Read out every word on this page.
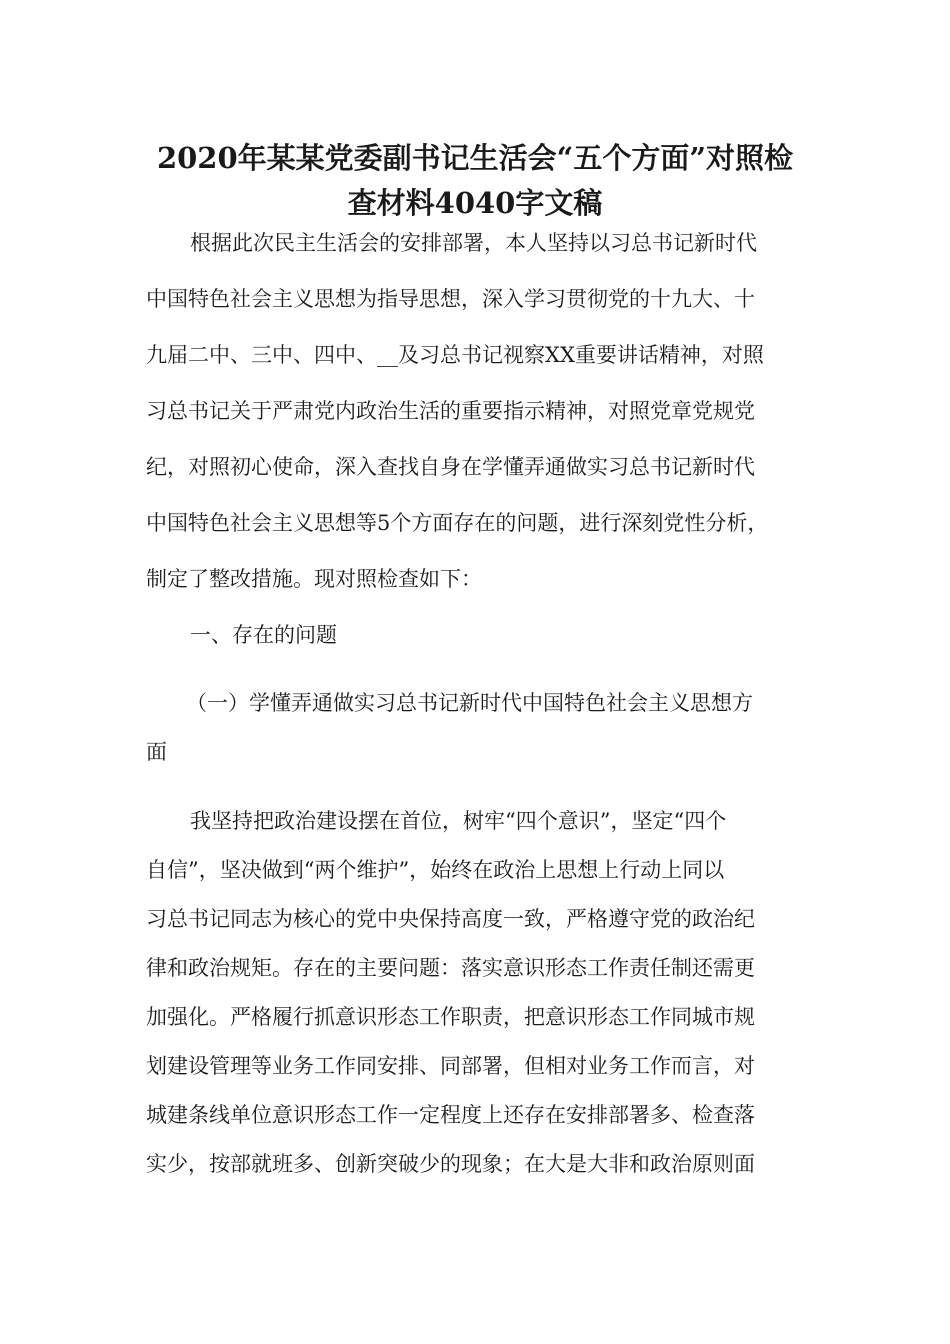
2020年某某党委副书记生活会“五个方面”对照检
查材料4040字文稿

根据此次民主生活会的安排部署，本人坚持以习总书记新时代

中国特色社会主义思想为指导思想，深入学习贯彻党的十九大、十

九届二中、三中、四中、__及习总书记视察XX重要讲话精神，对照

习总书记关于严肃党内政治生活的重要指示精神，对照党章党规党

纪，对照初心使命，深入查找自身在学懂弄通做实习总书记新时代

中国特色社会主义思想等5个方面存在的问题，进行深刻党性分析，

制定了整改措施。现对照检查如下：

一、存在的问题

（一）学懂弄通做实习总书记新时代中国特色社会主义思想方

面

我坚持把政治建设摆在首位，树牢“四个意识”，坚定“四个

自信”，坚决做到“两个维护”，始终在政治上思想上行动上同以

习总书记同志为核心的党中央保持高度一致，严格遵守党的政治纪

律和政治规矩。存在的主要问题：落实意识形态工作责任制还需更

加强化。严格履行抓意识形态工作职责，把意识形态工作同城市规

划建设管理等业务工作同安排、同部署，但相对业务工作而言，对

城建条线单位意识形态工作一定程度上还存在安排部署多、检查落

实少，按部就班多、创新突破少的现象；在大是大非和政治原则面
